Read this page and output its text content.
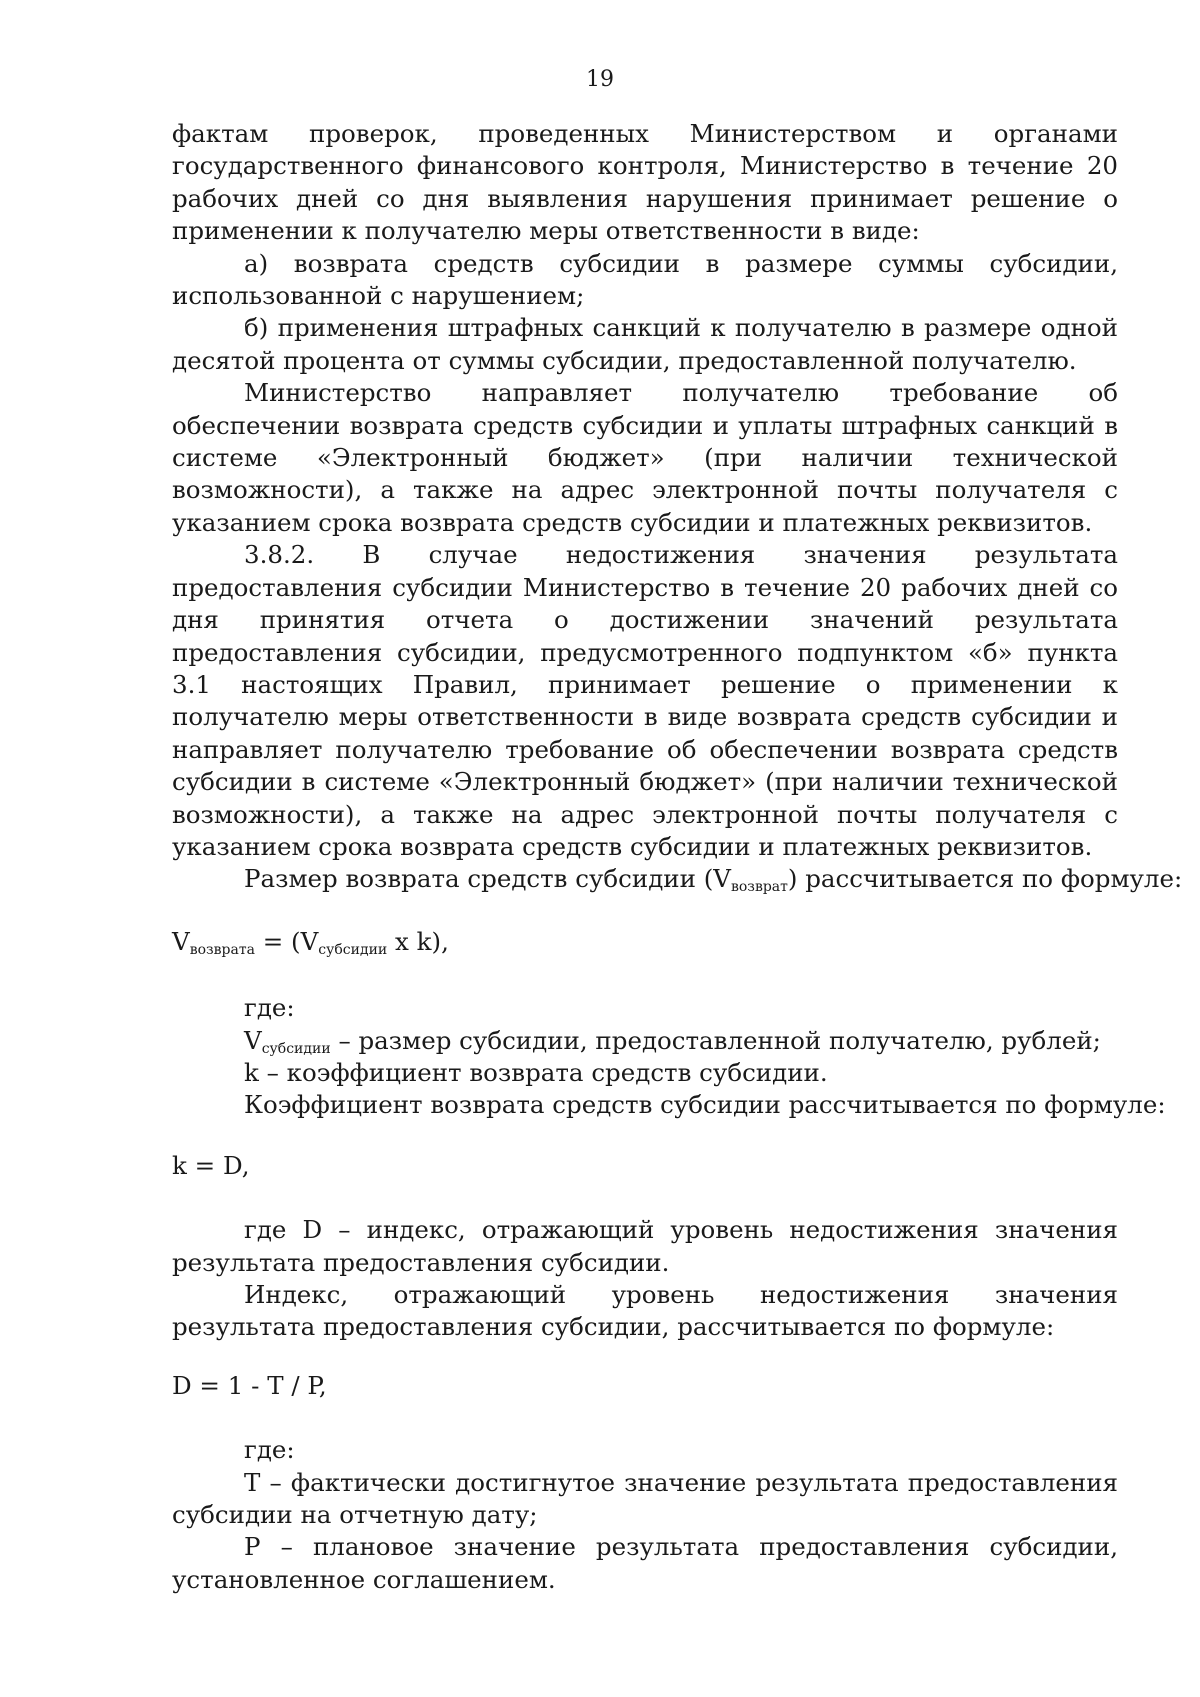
19

фактам проверок, проведенных Министерством и органами государственного финансового контроля, Министерство в течение 20 рабочих дней со дня выявления нарушения принимает решение о применении к получателю меры ответственности в виде:

а) возврата средств субсидии в размере суммы субсидии, использованной с нарушением;

б) применения штрафных санкций к получателю в размере одной десятой процента от суммы субсидии, предоставленной получателю.

Министерство направляет получателю требование об обеспечении возврата средств субсидии и уплаты штрафных санкций в системе «Электронный бюджет» (при наличии технической возможности), а также на адрес электронной почты получателя с указанием срока возврата средств субсидии и платежных реквизитов.

3.8.2. В случае недостижения значения результата предоставления субсидии Министерство в течение 20 рабочих дней со дня принятия отчета о достижении значений результата предоставления субсидии, предусмотренного подпунктом «б» пункта 3.1 настоящих Правил, принимает решение о применении к получателю меры ответственности в виде возврата средств субсидии и направляет получателю требование об обеспечении возврата средств субсидии в системе «Электронный бюджет» (при наличии технической возможности), а также на адрес электронной почты получателя с указанием срока возврата средств субсидии и платежных реквизитов.

Размер возврата средств субсидии $(V_{возврат})$ рассчитывается по формуле:

$V_{возврата} = (V_{субсидии}$ x k),

где:

$V_{субсидии}$ – размер субсидии, предоставленной получателю, рублей;

k – коэффициент возврата средств субсидии.

Коэффициент возврата средств субсидии рассчитывается по формуле:

k = D,

где D – индекс, отражающий уровень недостижения значения результата предоставления субсидии.

Индекс, отражающий уровень недостижения значения результата предоставления субсидии, рассчитывается по формуле:

D = 1 - T / P,

где:

T – фактически достигнутое значение результата предоставления субсидии на отчетную дату;

P – плановое значение результата предоставления субсидии, установленное соглашением.
